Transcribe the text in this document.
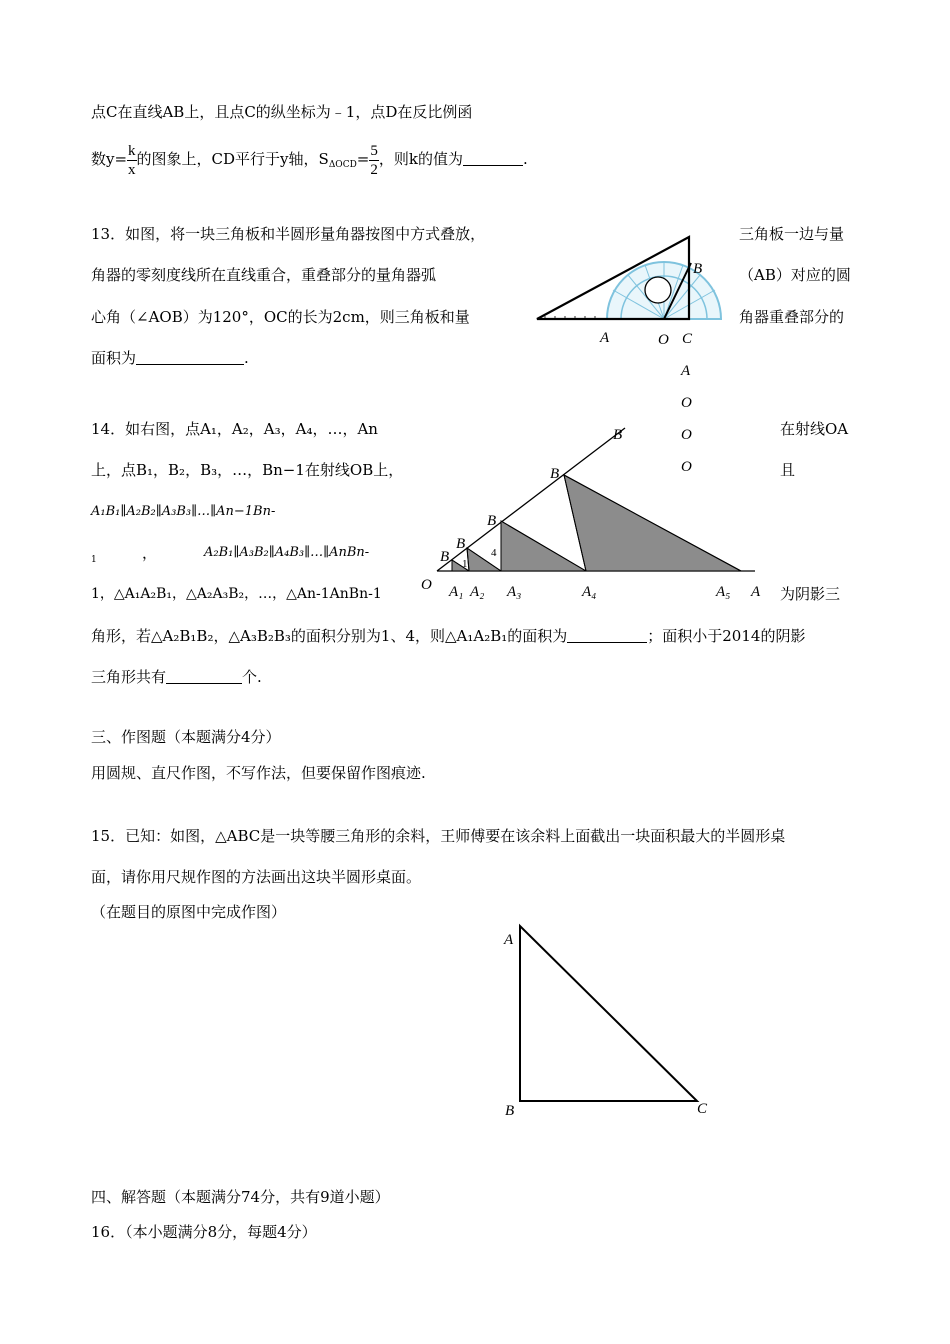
点C在直线AB上，且点C的纵坐标为﹣1，点D在反比例函
数$y= \frac{k}{x}$ 的图象上，CD平行于y轴，$S_{\Delta OCD}= \frac{5}{2}$ ，则k的值为	.
13．如图，将一块三角板和半圆形量角器按图中方式叠放，	三角板一边与量
角器的零刻度线所在直线重合，重叠部分的量角器弧	（AB）对应的圆
心角（∠AOB）为120°，OC的长为2cm，则三角板和量	角器重叠部分的
面积为	.
B
A	O C
A
O
O
O
14．如右图，点A₁，A₂，A₃，A₄，…，An	在射线OA
上，点B₁，B₂，B₃，…，Bn−1在射线OB上，	且
A₁B₁∥A₂B₂∥A₃B₃∥…∥An−1Bn-
1	，	A₂B₁∥A₃B₂∥A₄B₃∥…∥AnBn-
1，△A₁A₂B₁，△A₂A₃B₂，…，△An-1AnBn-1	为阴影三
角形，若△A₂B₁B₂，△A₃B₂B₃的面积分别为1、4，则△A₁A₂B₁的面积为	；面积小于2014的阴影
三角形共有	个.
B
B
B
B
B 1
4
O A₁ A₂ A₃	A₄	A₅ A
三、作图题（本题满分4分）
用圆规、直尺作图，不写作法，但要保留作图痕迹.
15．已知：如图，△ABC是一块等腰三角形的余料，王师傅要在该余料上面截出一块面积最大的半圆形桌
面，请你用尺规作图的方法画出这块半圆形桌面。
（在题目的原图中完成作图）
A
B	C
四、解答题（本题满分74分，共有9道小题）
16．（本小题满分8分，每题4分）
